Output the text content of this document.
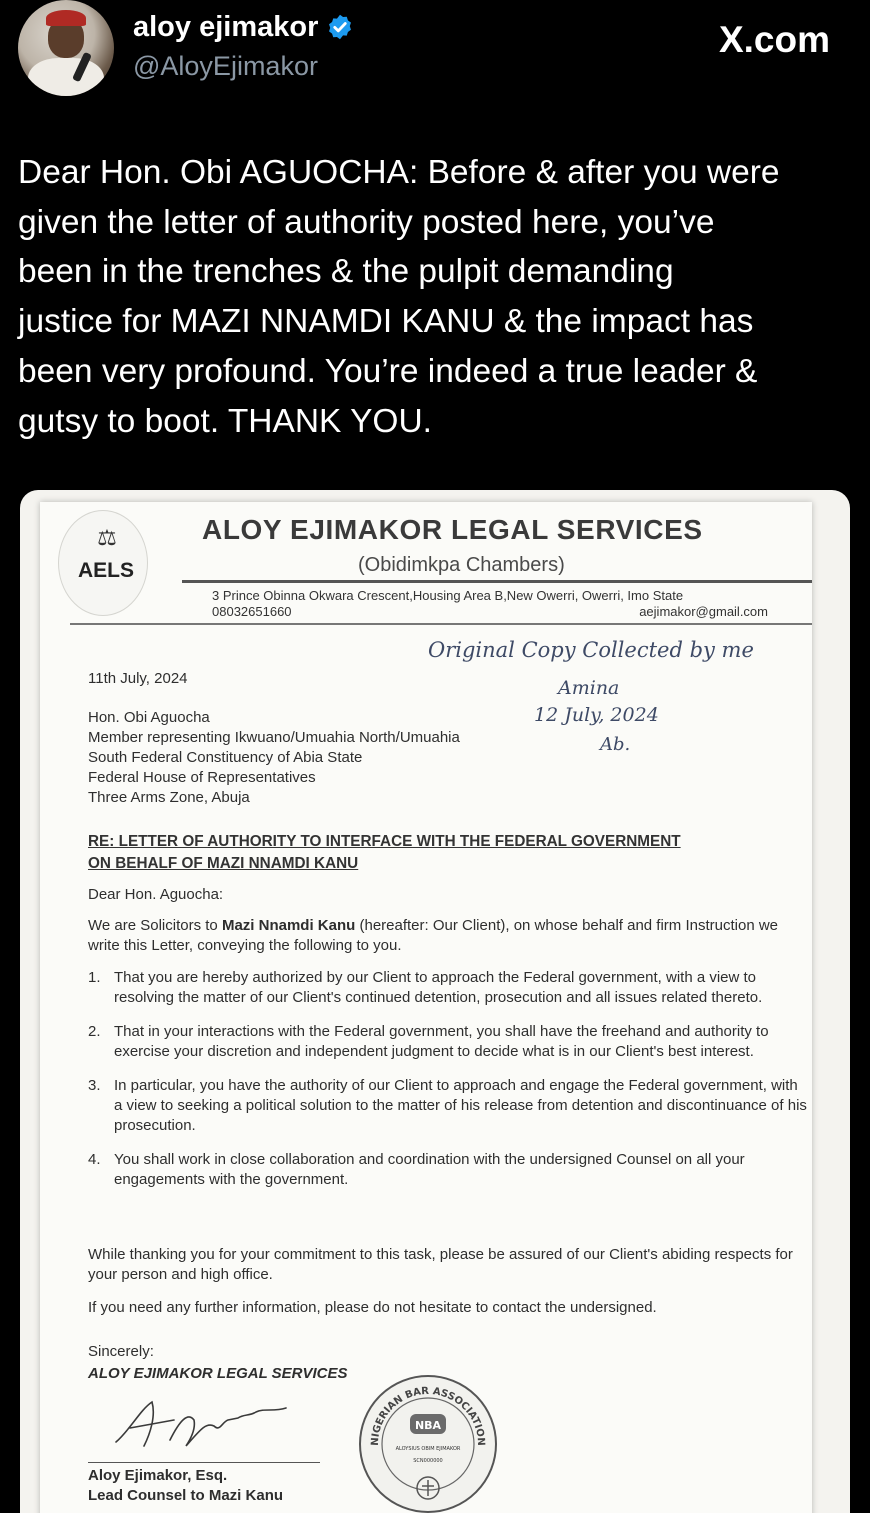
aloy ejimakor
@AloyEjimakor
X.com
Dear Hon. Obi AGUOCHA: Before & after you were
given the letter of authority posted here, you’ve
been in the trenches & the pulpit demanding
justice for MAZI NNAMDI KANU & the impact has
been very profound. You’re indeed a true leader &
gutsy to boot. THANK YOU.
⚖
AELS
ALOY EJIMAKOR LEGAL SERVICES
(Obidimkpa Chambers)
3 Prince Obinna Okwara Crescent,Housing Area B,New Owerri, Owerri, Imo State
08032651660	aejimakor@gmail.com
Original Copy Collected by me
Amina
12 July, 2024
Ab.
11th July, 2024
Hon. Obi Aguocha
Member representing Ikwuano/Umuahia North/Umuahia
South Federal Constituency of Abia State
Federal House of Representatives
Three Arms Zone, Abuja
RE: LETTER OF AUTHORITY TO INTERFACE WITH THE FEDERAL GOVERNMENT
ON BEHALF OF MAZI NNAMDI KANU
Dear Hon. Aguocha:
We are Solicitors to Mazi Nnamdi Kanu (hereafter: Our Client), on whose behalf and firm Instruction we write this Letter, conveying the following to you.
1. That you are hereby authorized by our Client to approach the Federal government, with a view to resolving the matter of our Client's continued detention, prosecution and all issues related thereto.
2. That in your interactions with the Federal government, you shall have the freehand and authority to exercise your discretion and independent judgment to decide what is in our Client's best interest.
3. In particular, you have the authority of our Client to approach and engage the Federal government, with a view to seeking a political solution to the matter of his release from detention and discontinuance of his prosecution.
4. You shall work in close collaboration and coordination with the undersigned Counsel on all your engagements with the government.
While thanking you for your commitment to this task, please be assured of our Client's abiding respects for your person and high office.
If you need any further information, please do not hesitate to contact the undersigned.
Sincerely:
ALOY EJIMAKOR LEGAL SERVICES
Aloy Ejimakor, Esq.
Lead Counsel to Mazi Kanu
NIGERIAN BAR ASSOCIATION
NBA
ALOYSIUS OBIM EJIMAKOR
SCN000000
